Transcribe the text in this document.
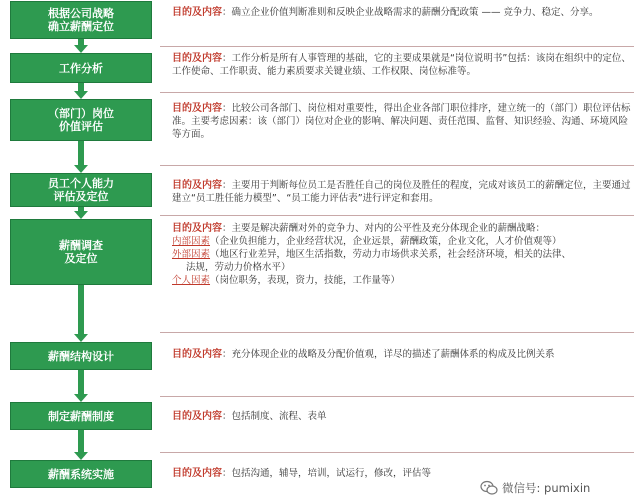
根据公司战略
确立薪酬定位
目的及内容：确立企业价值判断准则和反映企业战略需求的薪酬分配政策 —— 竞争力、稳定、分享。
工作分析
目的及内容：工作分析是所有人事管理的基础，它的主要成果就是“岗位说明书”包括：该岗在组织中的定位、工作使命、工作职责、能力素质要求关键业绩、工作权限、岗位标准等。
（部门）岗位
价值评估
目的及内容：比较公司各部门、岗位相对重要性，得出企业各部门职位排序，建立统一的（部门）职位评估标准。主要考虑因素：该（部门）岗位对企业的影响、解决问题、责任范围、监督、知识经验、沟通、环境风险等方面。
员工个人能力
评估及定位
目的及内容：主要用于判断每位员工是否胜任自己的岗位及胜任的程度，完成对该员工的薪酬定位，主要通过建立“员工胜任能力模型”、“员工能力评估表”进行评定和套用。
薪酬调查
及定位
目的及内容：主要是解决薪酬对外的竞争力、对内的公平性及充分体现企业的薪酬战略：
内部因素（企业负担能力，企业经营状况，企业远景，薪酬政策，企业文化，人才价值观等）
外部因素（地区行业差异，地区生活指数，劳动力市场供求关系，社会经济环境，相关的法律、
法规，劳动力价格水平）
个人因素（岗位职务，表现，资力，技能，工作量等）
薪酬结构设计	目的及内容：充分体现企业的战略及分配价值观，详尽的描述了薪酬体系的构成及比例关系
制定薪酬制度	目的及内容：包括制度、流程、表单
薪酬系统实施	目的及内容：包括沟通，辅导，培训，试运行，修改，评估等
微信号: pumixin
